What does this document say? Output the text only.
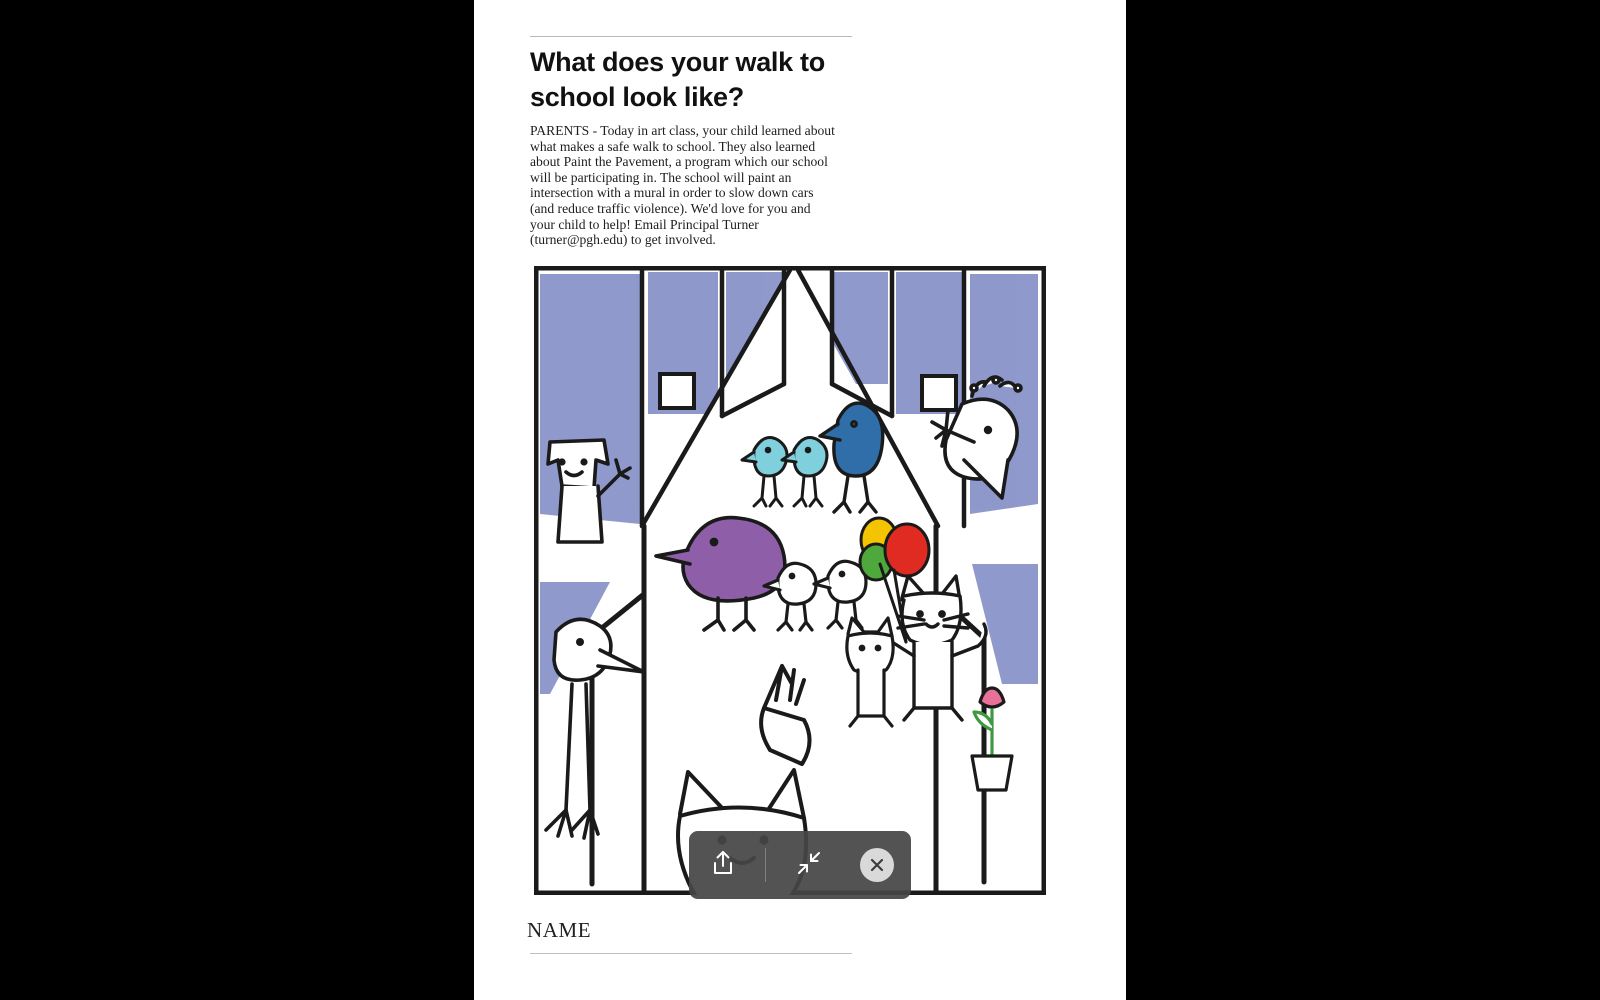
What does your walk to school look like?

PARENTS - Today in art class, your child learned about what makes a safe walk to school. They also learned about Paint the Pavement, a program which our school will be participating in. The school will paint an intersection with a mural in order to slow down cars (and reduce traffic violence). We'd love for you and your child to help! Email Principal Turner (turner@pgh.edu) to get involved.

NAME
